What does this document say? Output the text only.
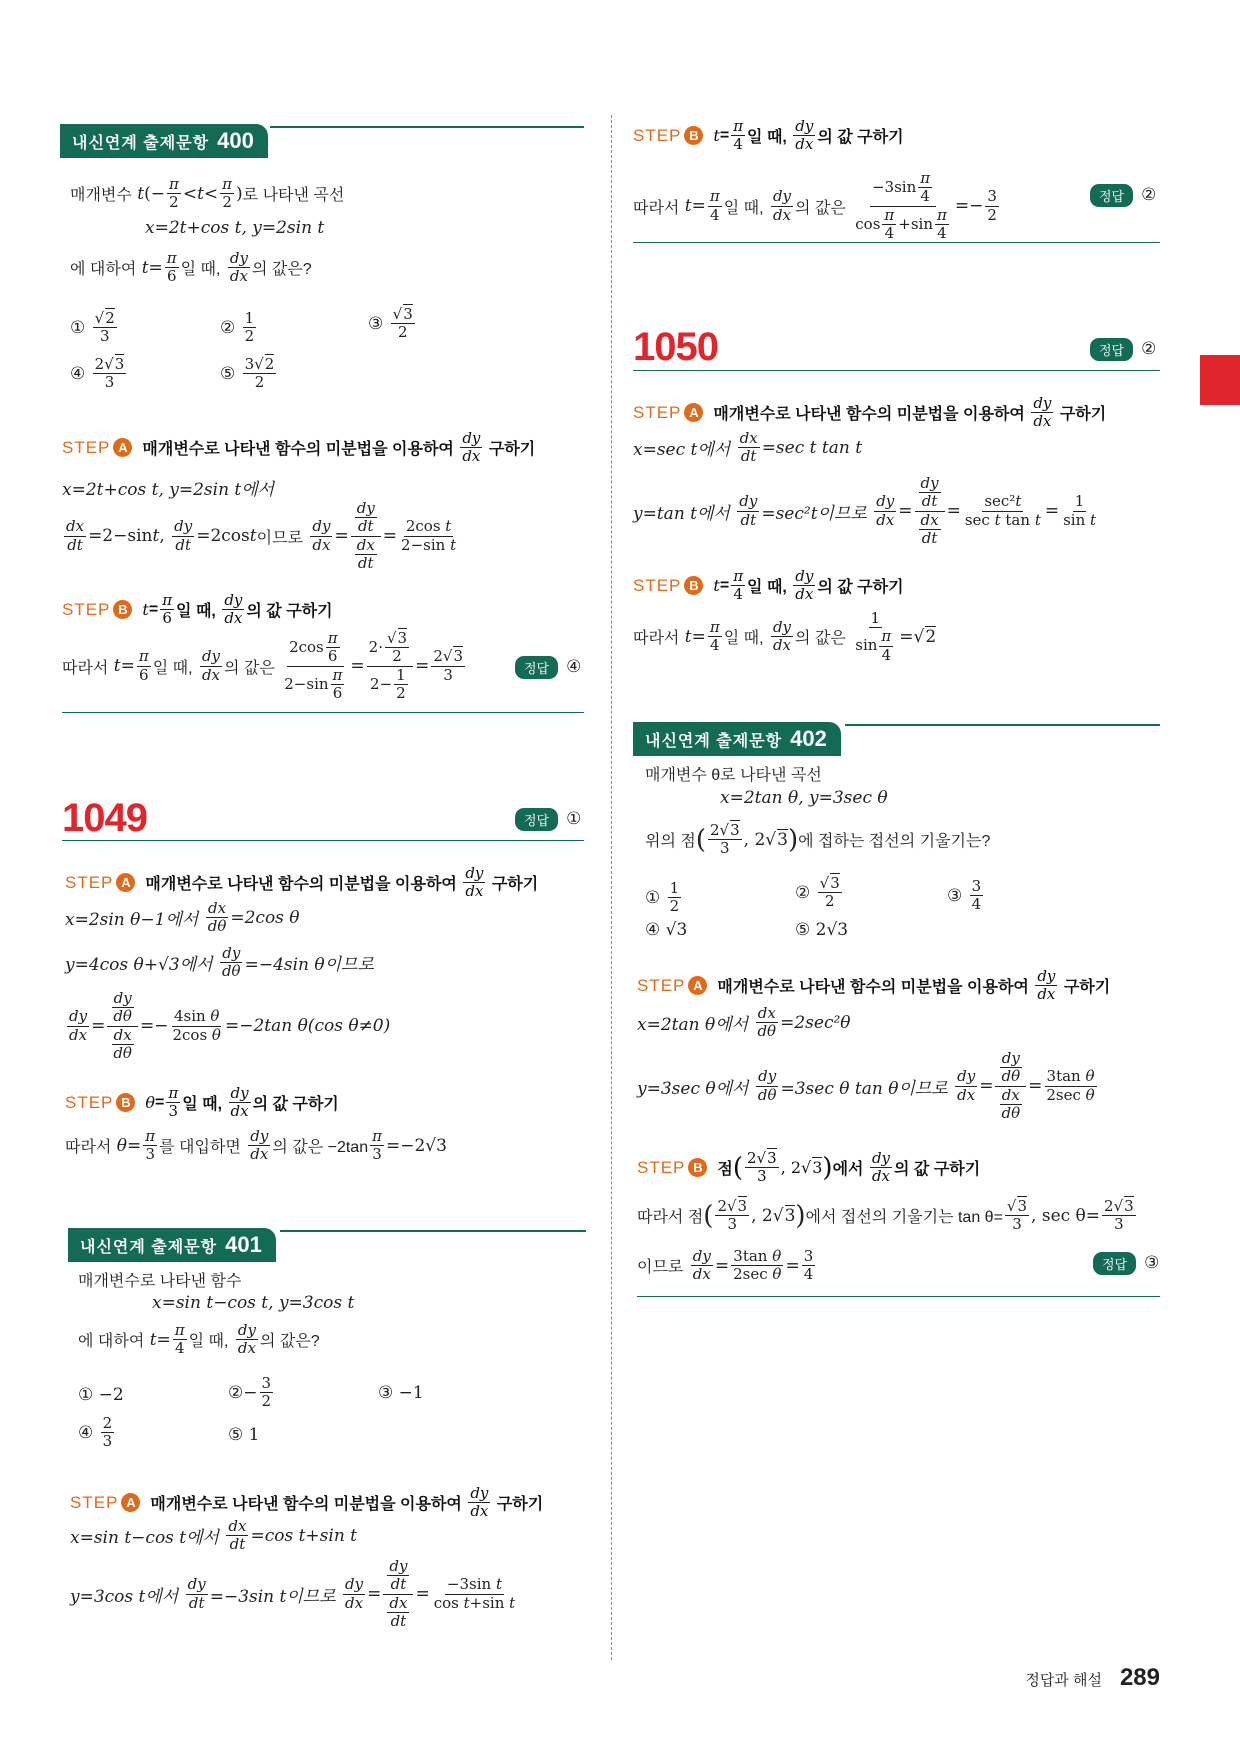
내신연계 출제문항 400
매개변수
t (− $\frac{\pi}{2} < t < \frac{\pi}{2}$ ) 로 나타낸 곡선
x=2t+cos t, y=2sin t
에 대하여
$t = \frac{\pi}{6}$ 일 때,
$\frac{dy}{dx}$ 의 값은?
①
$\frac{√2}{3}$	②
$\frac{1}{2}$	③
$\frac{√3}{2}$
④
$\frac{2√3}{3}$	⑤
$\frac{3√2}{2}$
STEP A 매개변수로 나타낸 함수의 미분법을 이용하여
$\frac{dy}{dx}$
구하기
x=2t+cos t, y=2sin t에서
$\frac{dx}{dt} =2-\sin$ t , $\frac{dy}{dt} =2\cos$ t 이므로
$\frac{dy}{dx} = \frac{\frac{dy}{dt}}{\frac{dx}{dt}} = \frac{\text{2cos t}}{\text{2−sin t}}$
STEP B $t = \frac{\pi}{6}$ 일 때,
$\frac{dy}{dx}$ 의 값 구하기
따라서
$t = \frac{\pi}{6}$ 일 때,
$\frac{dy}{dx}$ 의 값은
$\frac{2\cos \frac{\pi}{6}}{2-\sin \frac{\pi}{6}} = \frac{2\cdot \frac{√3}{2}}{2- \frac{1}{2}} = \frac{2√3}{3}$	정답 ④
1049	정답 ①
STEP A 매개변수로 나타낸 함수의 미분법을 이용하여
$\frac{dy}{dx}$
구하기
x=2sin θ−1에서
$\frac{dx}{d\theta} =2\cos$ θ
y=4cos θ+√3에서
$\frac{dy}{d\theta} =-4\sin$ θ이므로
$\frac{dy}{dx} = \frac{\frac{dy}{d\theta}}{\frac{dx}{d\theta}} =- \frac{\text{4sin θ}}{\text{2cos θ}} =-2\tan$ θ(cos θ≠0)
STEP B $\theta = \frac{\pi}{3}$ 일 때, $\frac{dy}{dx}$ 의 값 구하기
따라서
$\theta = \frac{\pi}{3}$ 를 대입하면
$\frac{dy}{dx}$ 의 값은 $-2\tan \frac{\pi}{3} =-2√3$
내신연계 출제문항 401
매개변수로 나타낸 함수
x=sin t−cos t, y=3cos t
에 대하여
$t = \frac{\pi}{4}$ 일 때,
$\frac{dy}{dx}$ 의 값은?
① −2	② − $\frac{3}{2}$	③ −1
④
$\frac{2}{3}$	⑤ 1
STEP A 매개변수로 나타낸 함수의 미분법을 이용하여
$\frac{dy}{dx}$
구하기
x=sin t−cos t에서
$\frac{dx}{dt} =\cos$ t+sin t
y=3cos t에서
$\frac{dy}{dt} =-3\sin$ t이므로
$\frac{dy}{dx} = \frac{\frac{dy}{dt}}{\frac{dx}{dt}} = \frac{\text{−3sin t}}{\text{cos t+sin t}}$
STEP B $t = \frac{\pi}{4}$ 일 때, $\frac{dy}{dx}$ 의 값 구하기
따라서
$t = \frac{\pi}{4}$ 일 때,
$\frac{dy}{dx}$ 의 값은
$\frac{-3\sin \frac{\pi}{4}}{\cos \frac{\pi}{4} +\sin \frac{\pi}{4}} =- \frac{3}{2}$	정답 ②
1050	정답 ②
STEP A 매개변수로 나타낸 함수의 미분법을 이용하여
$\frac{dy}{dx}$
구하기
x=sec t에서
$\frac{dx}{dt} =\sec$ t tan t
y=tan t에서
$\frac{dy}{dt} =\sec^2t$이므로
$\frac{dy}{dx} = \frac{\frac{dy}{dt}}{\frac{dx}{dt}} = \frac{\text{sec²t}}{\text{sec t tan t}} = \frac{1}{\text{sin t}}$
STEP B $t = \frac{\pi}{4}$ 일 때, $\frac{dy}{dx}$ 의 값 구하기
따라서
$t = \frac{\pi}{4}$ 일 때,
$\frac{dy}{dx}$ 의 값은
$\frac{1}{\sin \frac{\pi}{4}}$ =√ 2
내신연계 출제문항 402
매개변수 θ로 나타낸 곡선
x=2tan θ, y=3sec θ
위의 점 ( $\frac{2√3}{3}$ , 2√ 3 ) 에 접하는 접선의 기울기는?
①
$\frac{1}{2}$	②
$\frac{√3}{2}$	③
$\frac{3}{4}$
④ √3	⑤ 2√3
STEP A 매개변수로 나타낸 함수의 미분법을 이용하여
$\frac{dy}{dx}$
구하기
x=2tan θ에서
$\frac{dx}{d\theta} =2\sec^2\theta$
y=3sec θ에서
$\frac{dy}{d\theta} =3\sec$ θ tan θ이므로
$\frac{dy}{dx} = \frac{\frac{dy}{d\theta}}{\frac{dx}{d\theta}} = \frac{\text{3tan θ}}{\text{2sec θ}}$
STEP B 점 ( $\frac{2√3}{3}$ , 2√3 ) 에서
$\frac{dy}{dx}$ 의 값 구하기
따라서 점 ( $\frac{2√3}{3}$ , 2√ 3 ) 에서 접선의 기울기는 $\tan \theta= \frac{√3}{3}$ , $\sec \theta= \frac{2√3}{3}$
이므로
$\frac{dy}{dx} = \frac{\text{3tan θ}}{\text{2sec θ}} = \frac{3}{4}$	정답 ③
정답과 해설 289
